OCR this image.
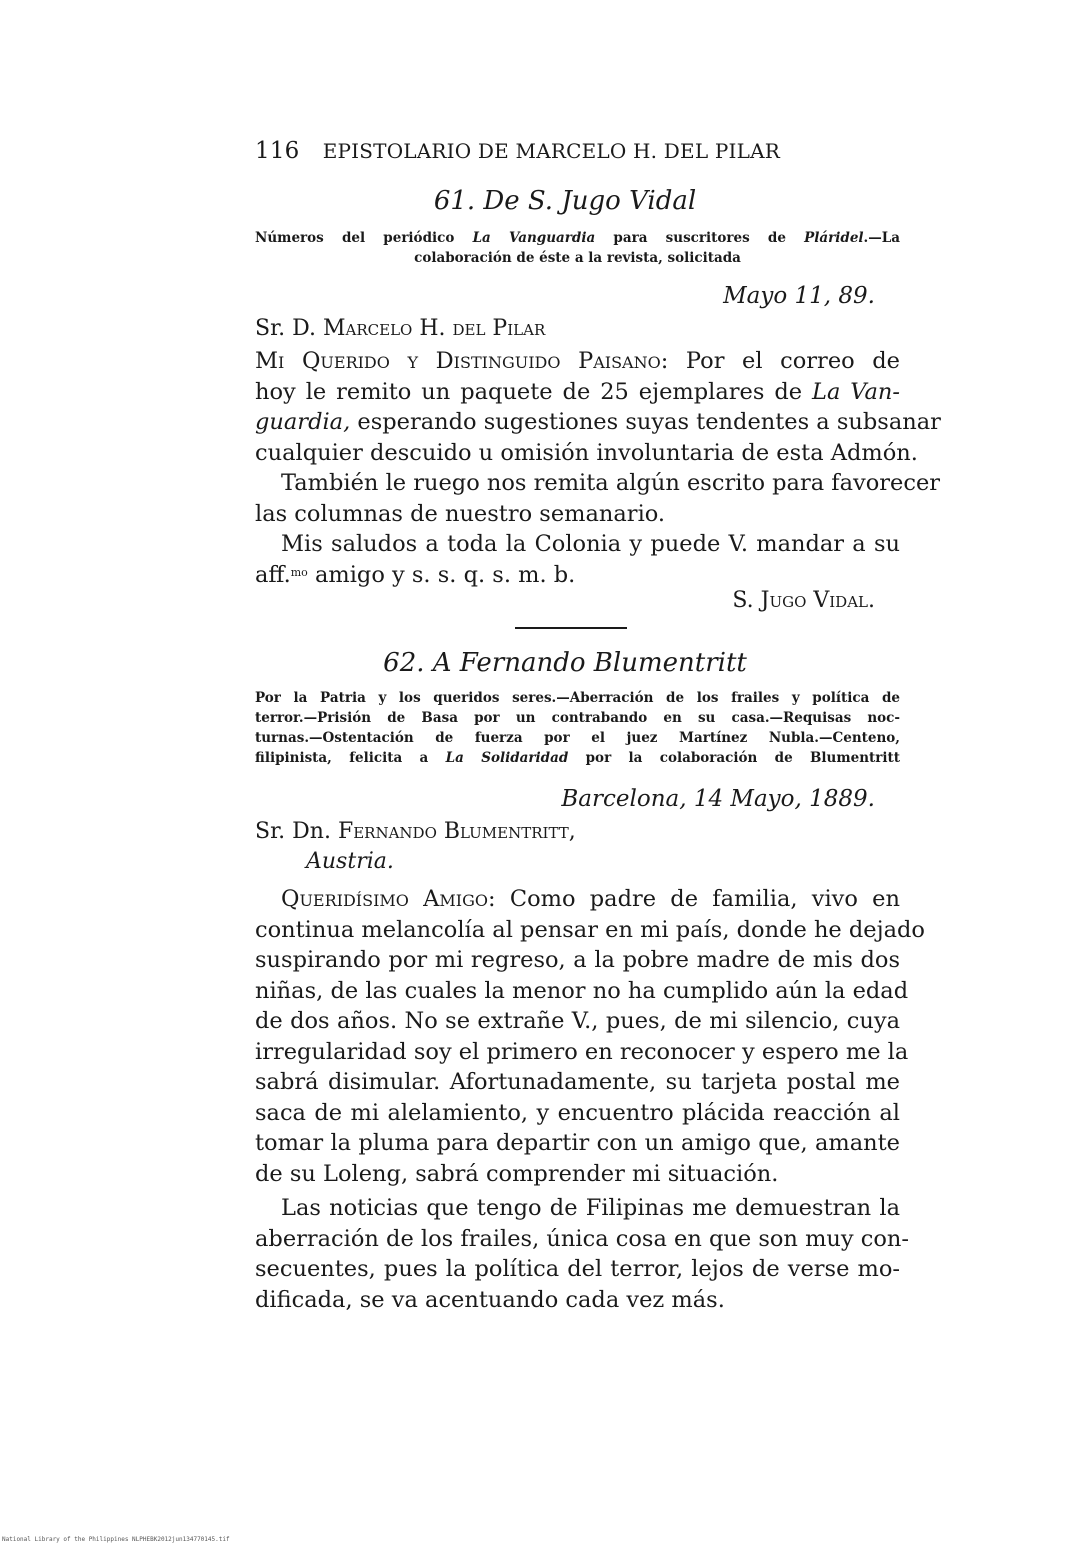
116 EPISTOLARIO DE MARCELO H. DEL PILAR
61. De S. Jugo Vidal
Números del periódico La Vanguardia para suscritores de Pláridel.—La
colaboración de éste a la revista, solicitada
Mayo 11, 89.
Sr. D. Marcelo H. del Pilar
Mi Querido y Distinguido Paisano: Por el correo de
hoy le remito un paquete de 25 ejemplares de La Van-
guardia, esperando sugestiones suyas tendentes a subsanar
cualquier descuido u omisión involuntaria de esta Admón.
También le ruego nos remita algún escrito para favorecer
las columnas de nuestro semanario.
Mis saludos a toda la Colonia y puede V. mandar a su
aff.$^{mo}$ amigo y s. s. q. s. m. b.
S. Jugo Vidal.
62. A Fernando Blumentritt
Por la Patria y los queridos seres.—Aberración de los frailes y política de
terror.—Prisión de Basa por un contrabando en su casa.—Requisas noc-
turnas.—Ostentación de fuerza por el juez Martínez Nubla.—Centeno,
filipinista, felicita a La Solidaridad por la colaboración de Blumentritt
Barcelona, 14 Mayo, 1889.
Sr. Dn. Fernando Blumentritt,
Austria.
Queridísimo Amigo: Como padre de familia, vivo en
continua melancolía al pensar en mi país, donde he dejado
suspirando por mi regreso, a la pobre madre de mis dos
niñas, de las cuales la menor no ha cumplido aún la edad
de dos años. No se extrañe V., pues, de mi silencio, cuya
irregularidad soy el primero en reconocer y espero me la
sabrá disimular. Afortunadamente, su tarjeta postal me
saca de mi alelamiento, y encuentro plácida reacción al
tomar la pluma para departir con un amigo que, amante
de su Loleng, sabrá comprender mi situación.
Las noticias que tengo de Filipinas me demuestran la
aberración de los frailes, única cosa en que son muy con-
secuentes, pues la política del terror, lejos de verse mo-
dificada, se va acentuando cada vez más.
National Library of the Philippines NLPHEBK2012jun134770145.tif
